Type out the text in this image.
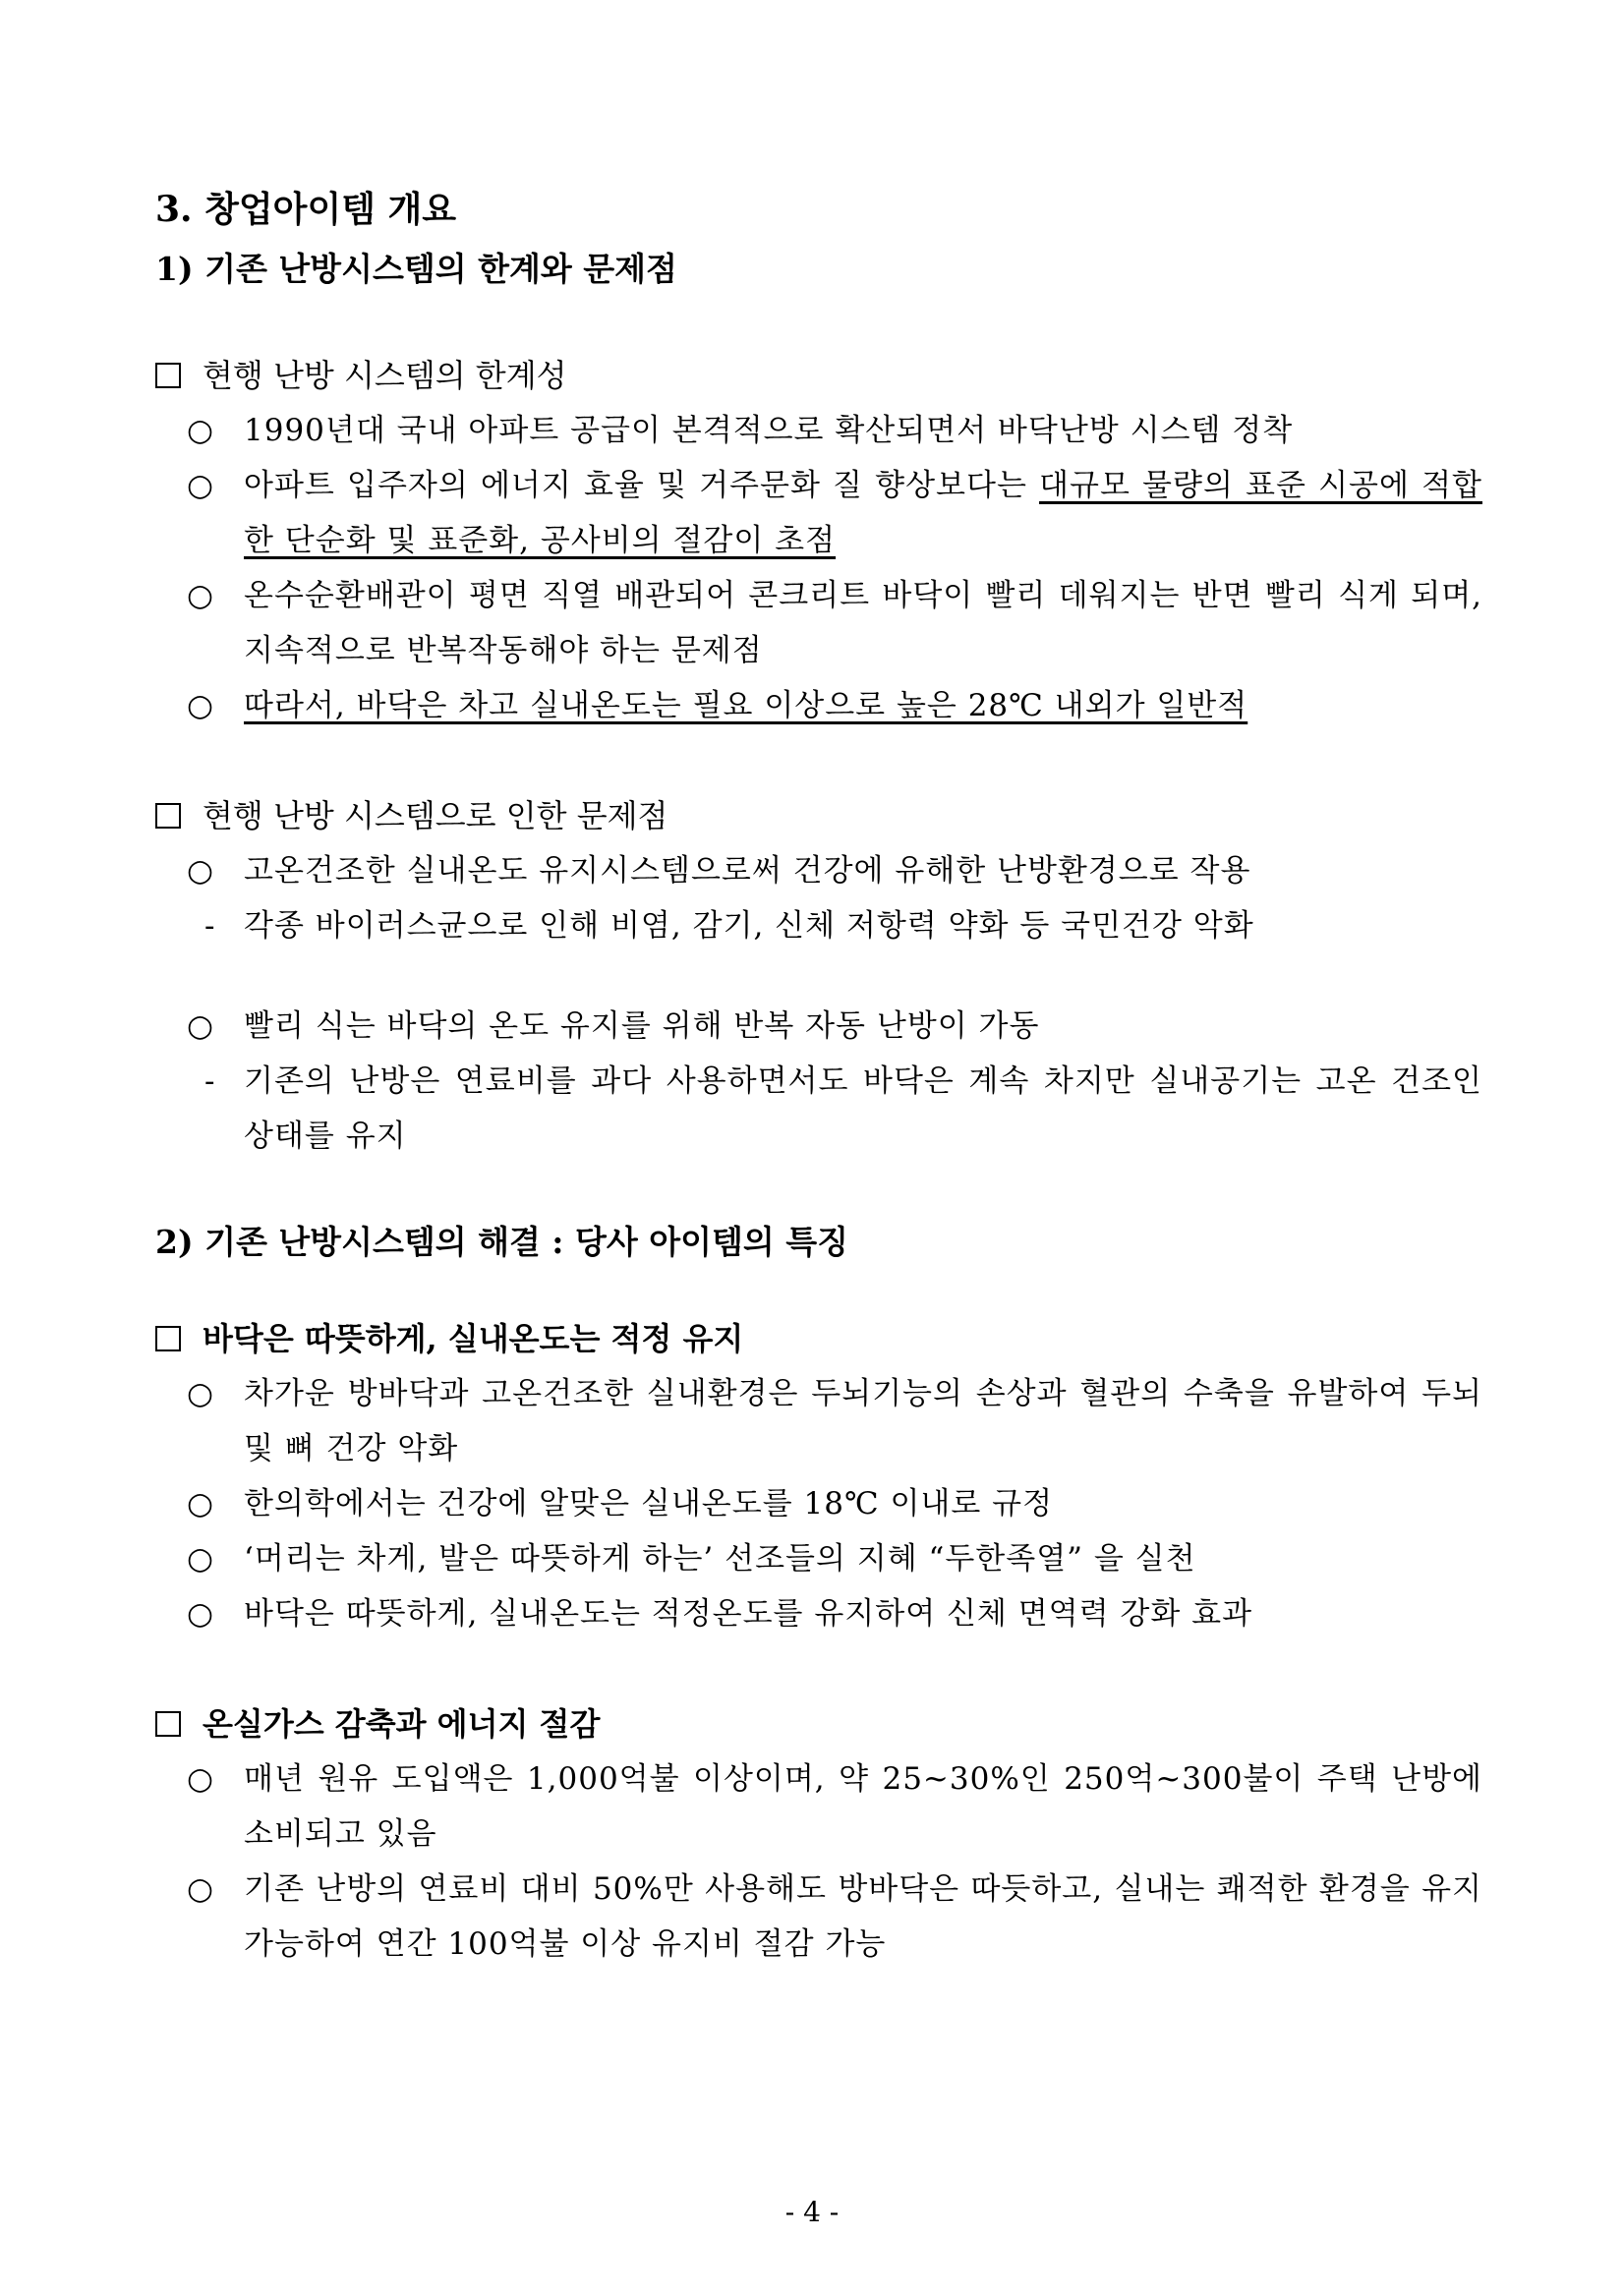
3. 창업아이템 개요
1) 기존 난방시스템의 한계와 문제점
현행 난방 시스템의 한계성
○ 1990년대 국내 아파트 공급이 본격적으로 확산되면서 바닥난방 시스템 정착
○ 아파트 입주자의 에너지 효율 및 거주문화 질 향상보다는 대규모 물량의 표준 시공에 적합한 단순화 및 표준화, 공사비의 절감이 초점
○ 온수순환배관이 평면 직열 배관되어 콘크리트 바닥이 빨리 데워지는 반면 빨리 식게 되며, 지속적으로 반복작동해야 하는 문제점
○ 따라서, 바닥은 차고 실내온도는 필요 이상으로 높은 28℃ 내외가 일반적
현행 난방 시스템으로 인한 문제점
○ 고온건조한 실내온도 유지시스템으로써 건강에 유해한 난방환경으로 작용
- 각종 바이러스균으로 인해 비염, 감기, 신체 저항력 약화 등 국민건강 악화
○ 빨리 식는 바닥의 온도 유지를 위해 반복 자동 난방이 가동
- 기존의 난방은 연료비를 과다 사용하면서도 바닥은 계속 차지만 실내공기는 고온 건조인 상태를 유지
2) 기존 난방시스템의 해결 : 당사 아이템의 특징
바닥은 따뜻하게, 실내온도는 적정 유지
○ 차가운 방바닥과 고온건조한 실내환경은 두뇌기능의 손상과 혈관의 수축을 유발하여 두뇌 및 뼈 건강 악화
○ 한의학에서는 건강에 알맞은 실내온도를 18℃ 이내로 규정
○ ‘머리는 차게, 발은 따뜻하게 하는’ 선조들의 지혜 “두한족열” 을 실천
○ 바닥은 따뜻하게, 실내온도는 적정온도를 유지하여 신체 면역력 강화 효과
온실가스 감축과 에너지 절감
○ 매년 원유 도입액은 1,000억불 이상이며, 약 25~30%인 250억~300불이 주택 난방에 소비되고 있음
○ 기존 난방의 연료비 대비 50%만 사용해도 방바닥은 따듯하고, 실내는 쾌적한 환경을 유지 가능하여 연간 100억불 이상 유지비 절감 가능
- 4 -
